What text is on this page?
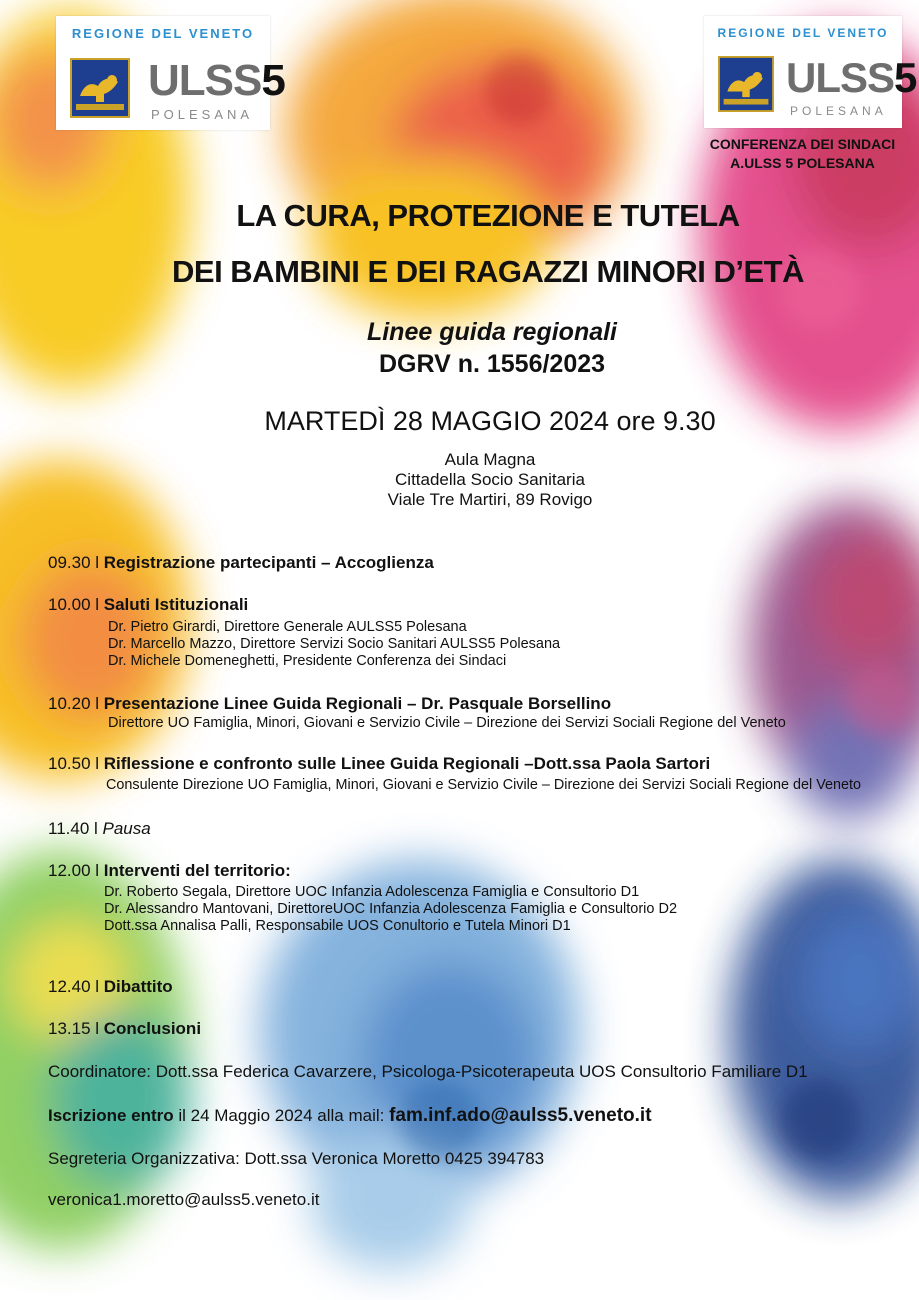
REGIONE DEL VENETO
ULSS5
POLESANA
REGIONE DEL VENETO
ULSS5
POLESANA
CONFERENZA DEI SINDACI
A.ULSS 5 POLESANA
LA CURA, PROTEZIONE E TUTELA
DEI BAMBINI E DEI RAGAZZI MINORI D’ETÀ
Linee guida regionali
DGRV n. 1556/2023
MARTEDÌ 28 MAGGIO 2024 ore 9.30
Aula Magna
Cittadella Socio Sanitaria
Viale Tre Martiri, 89 Rovigo
09.30 l Registrazione partecipanti – Accoglienza
10.00 l Saluti Istituzionali
Dr. Pietro Girardi, Direttore Generale AULSS5 Polesana
Dr. Marcello Mazzo, Direttore Servizi Socio Sanitari AULSS5 Polesana
Dr. Michele Domeneghetti, Presidente Conferenza dei Sindaci
10.20 l Presentazione Linee Guida Regionali – Dr. Pasquale Borsellino
Direttore UO Famiglia, Minori, Giovani e Servizio Civile – Direzione dei Servizi Sociali Regione del Veneto
10.50 l Riflessione e confronto sulle Linee Guida Regionali –Dott.ssa Paola Sartori
Consulente Direzione UO Famiglia, Minori, Giovani e Servizio Civile – Direzione dei Servizi Sociali Regione del Veneto
11.40 l Pausa
12.00 l Interventi del territorio:
Dr. Roberto Segala, Direttore UOC Infanzia Adolescenza Famiglia e Consultorio D1
Dr. Alessandro Mantovani, DirettoreUOC Infanzia Adolescenza Famiglia e Consultorio D2
Dott.ssa Annalisa Palli, Responsabile UOS Conultorio e Tutela Minori D1
12.40 l Dibattito
13.15 l Conclusioni
Coordinatore: Dott.ssa Federica Cavarzere, Psicologa-Psicoterapeuta UOS Consultorio Familiare D1
Iscrizione entro il 24 Maggio 2024 alla mail: fam.inf.ado@aulss5.veneto.it
Segreteria Organizzativa: Dott.ssa Veronica Moretto 0425 394783
veronica1.moretto@aulss5.veneto.it
